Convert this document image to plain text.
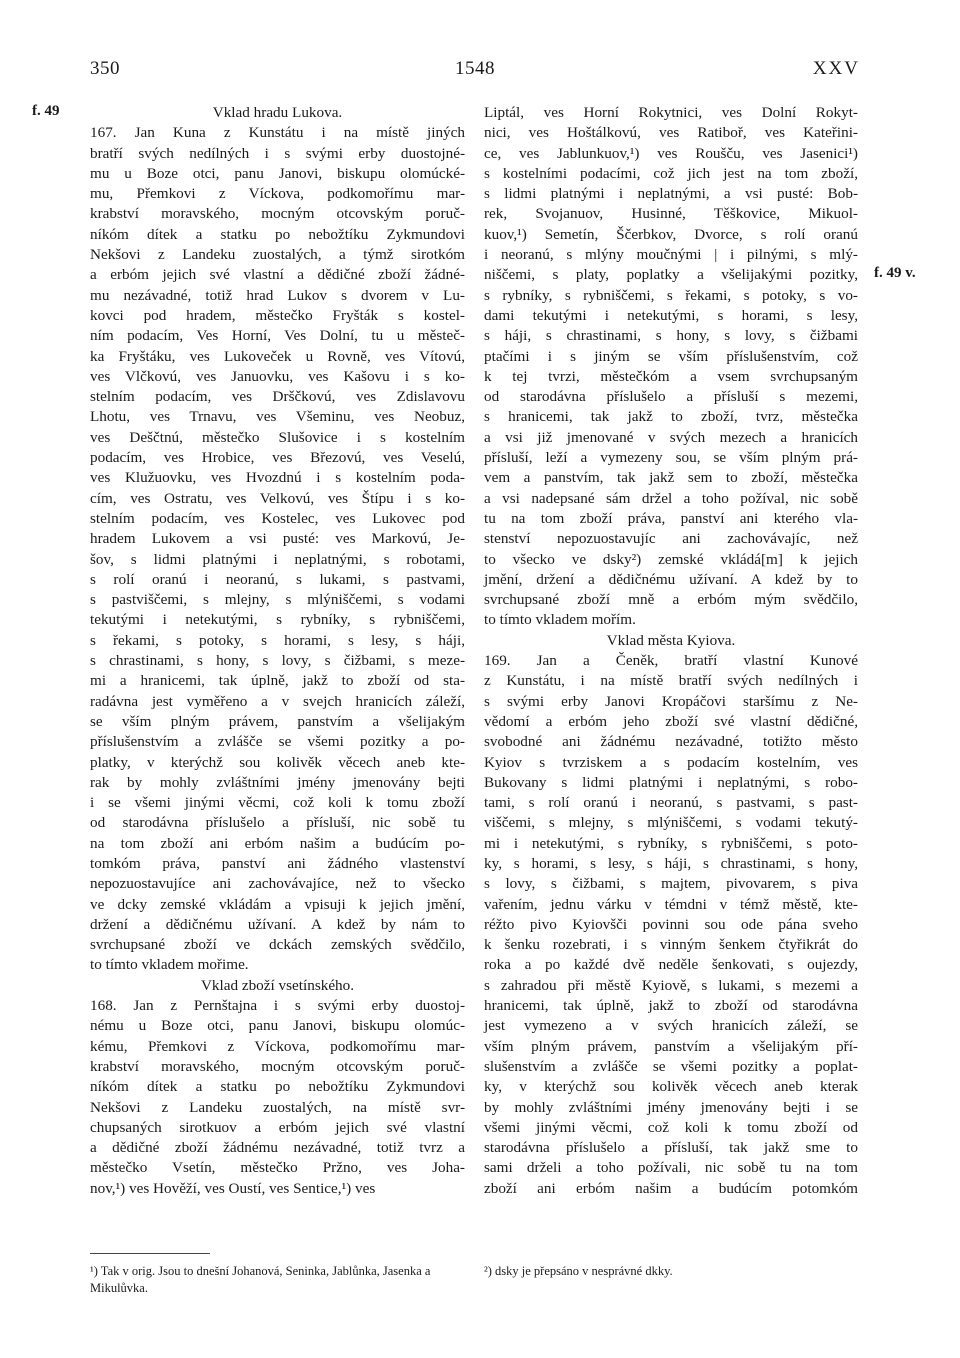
350	1548	XXV
f. 49
f. 49 v.
Vklad hradu Lukova.
167. Jan Kuna z Kunstátu i na místě jiných
bratří svých nedílných i s svými erby duostojné-
mu u Boze otci, panu Janovi, biskupu olomúcké-
mu, Přemkovi z Víckova, podkomořímu mar-
krabství moravského, mocným otcovským poruč-
níkóm dítek a statku po nebožtíku Zykmundovi
Nekšovi z Landeku zuostalých, a týmž sirotkóm
a erbóm jejich své vlastní a dědičné zboží žádné-
mu nezávadné, totiž hrad Lukov s dvorem v Lu-
kovci pod hradem, městečko Fryšták s kostel-
ním podacím, Ves Horní, Ves Dolní, tu u městeč-
ka Fryštáku, ves Lukoveček u Rovně, ves Vítovú,
ves Vlčkovú, ves Januovku, ves Kašovu i s ko-
stelním podacím, ves Drščkovú, ves Zdislavovu
Lhotu, ves Trnavu, ves Všeminu, ves Neobuz,
ves Deščtnú, městečko Slušovice i s kostelním
podacím, ves Hrobice, ves Březovú, ves Veselú,
ves Klužuovku, ves Hvozdnú i s kostelním poda-
cím, ves Ostratu, ves Velkovú, ves Štípu i s ko-
stelním podacím, ves Kostelec, ves Lukovec pod
hradem Lukovem a vsi pusté: ves Markovú, Je-
šov, s lidmi platnými i neplatnými, s robotami,
s rolí oranú i neoranú, s lukami, s pastvami,
s pastviščemi, s mlejny, s mlýniščemi, s vodami
tekutými i netekutými, s rybníky, s rybniščemi,
s řekami, s potoky, s horami, s lesy, s háji,
s chrastinami, s hony, s lovy, s čižbami, s meze-
mi a hranicemi, tak úplně, jakž to zboží od sta-
radávna jest vyměřeno a v svejch hranicích záleží,
se vším plným právem, panstvím a všelijakým
příslušenstvím a zvlášče se všemi pozitky a po-
platky, v kterýchž sou kolivěk věcech aneb kte-
rak by mohly zvláštními jmény jmenovány bejti
i se všemi jinými věcmi, což koli k tomu zboží
od starodávna příslušelo a přísluší, nic sobě tu
na tom zboží ani erbóm našim a budúcím po-
tomkóm práva, panství ani žádného vlastenství
nepozuostavujíce ani zachovávajíce, než to všecko
ve dcky zemské vkládám a vpisuji k jejich jmění,
držení a dědičnému užívaní. A kdež by nám to
svrchupsané zboží ve dckách zemských svědčilo,
to tímto vkladem mořime.
Vklad zboží vsetínského.
168. Jan z Pernštajna i s svými erby duostoj-
nému u Boze otci, panu Janovi, biskupu olomúc-
kému, Přemkovi z Víckova, podkomořímu mar-
krabství moravského, mocným otcovským poruč-
níkóm dítek a statku po nebožtíku Zykmundovi
Nekšovi z Landeku zuostalých, na místě svr-
chupsaných sirotkuov a erbóm jejich své vlastní
a dědičné zboží žádnému nezávadné, totiž tvrz a
městečko Vsetín, městečko Pržno, ves Joha-
nov,¹) ves Hověží, ves Oustí, ves Sentice,¹) ves
Liptál, ves Horní Rokytnici, ves Dolní Rokyt-
nici, ves Hoštálkovú, ves Ratiboř, ves Kateřini-
ce, ves Jablunkuov,¹) ves Roušču, ves Jasenici¹)
s kostelními podacími, což jich jest na tom zboží,
s lidmi platnými i neplatnými, a vsi pusté: Bob-
rek, Svojanuov, Husinné, Těškovice, Mikuol-
kuov,¹) Semetín, Ščerbkov, Dvorce, s rolí oranú
i neoranú, s mlýny moučnými | i pilnými, s mlý-
niščemi, s platy, poplatky a všelijakými pozitky,
s rybníky, s rybniščemi, s řekami, s potoky, s vo-
dami tekutými i netekutými, s horami, s lesy,
s háji, s chrastinami, s hony, s lovy, s čižbami
ptačími i s jiným se vším příslušenstvím, což
k tej tvrzi, městečkóm a vsem svrchupsaným
od starodávna příslušelo a přísluší s mezemi,
s hranicemi, tak jakž to zboží, tvrz, městečka
a vsi již jmenované v svých mezech a hranicích
přísluší, leží a vymezeny sou, se vším plným prá-
vem a panstvím, tak jakž sem to zboží, městečka
a vsi nadepsané sám držel a toho požíval, nic sobě
tu na tom zboží práva, panství ani kterého vla-
stenství nepozuostavujíc ani zachovávajíc, než
to všecko ve dsky²) zemské vkládá[m] k jejich
jmění, držení a dědičnému užívaní. A kdež by to
svrchupsané zboží mně a erbóm mým svědčilo,
to tímto vkladem mořím.
Vklad města Kyiova.
169. Jan a Čeněk, bratří vlastní Kunové
z Kunstátu, i na místě bratří svých nedílných i
s svými erby Janovi Kropáčovi staršímu z Ne-
vědomí a erbóm jeho zboží své vlastní dědičné,
svobodné ani žádnému nezávadné, totižto město
Kyiov s tvrziskem a s podacím kostelním, ves
Bukovany s lidmi platnými i neplatnými, s robo-
tami, s rolí oranú i neoranú, s pastvami, s past-
viščemi, s mlejny, s mlýniščemi, s vodami tekutý-
mi i netekutými, s rybníky, s rybniščemi, s poto-
ky, s horami, s lesy, s háji, s chrastinami, s hony,
s lovy, s čižbami, s majtem, pivovarem, s piva
vařením, jednu várku v témdni v témž městě, kte-
réžto pivo Kyiovšči povinni sou ode pána sveho
k šenku rozebrati, i s vinným šenkem čtyřikrát do
roka a po každé dvě neděle šenkovati, s oujezdy,
s zahradou při městě Kyiově, s lukami, s mezemi a
hranicemi, tak úplně, jakž to zboží od starodávna
jest vymezeno a v svých hranicích záleží, se
vším plným právem, panstvím a všelijakým pří-
slušenstvím a zvlášče se všemi pozitky a poplat-
ky, v kterýchž sou kolivěk věcech aneb kterak
by mohly zvláštními jmény jmenovány bejti i se
všemi jinými věcmi, což koli k tomu zboží od
starodávna příslušelo a přísluší, tak jakž sme to
sami drželi a toho požívali, nic sobě tu na tom
zboží ani erbóm našim a budúcím potomkóm
¹) Tak v orig. Jsou to dnešní Johanová, Seninka, Jablůnka, Jasenka a Mikulůvka.
²) dsky je přepsáno v nesprávné dkky.
